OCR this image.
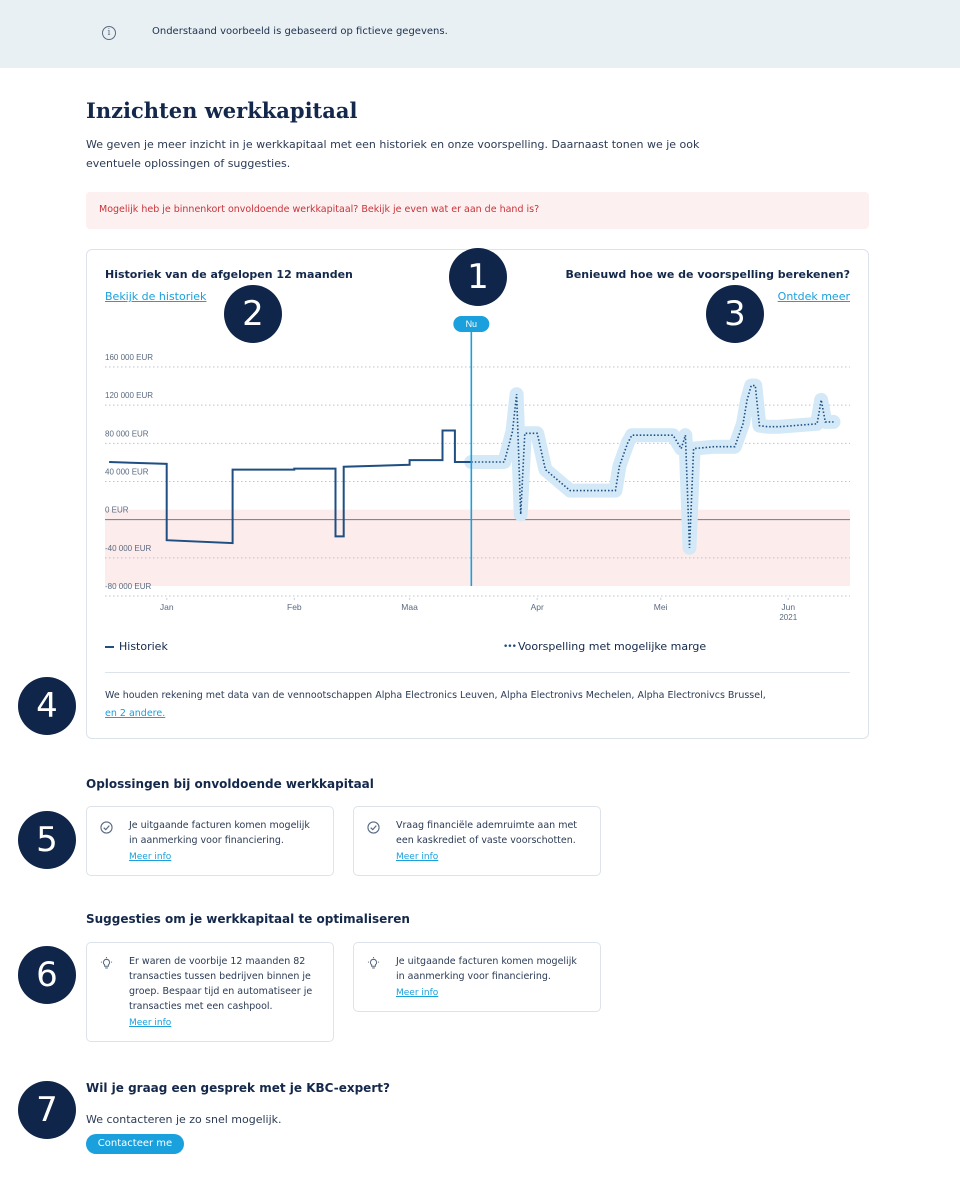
i	Onderstaand voorbeeld is gebaseerd op fictieve gegevens.
Inzichten werkkapitaal

We geven je meer inzicht in je werkkapitaal met een historiek en onze voorspelling. Daarnaast tonen we je ook eventuele oplossingen of suggesties.

Mogelijk heb je binnenkort onvoldoende werkkapitaal? Bekijk je even wat er aan de hand is?
Historiek van de afgelopen 12 maanden	Benieuwd hoe we de voorspelling berekenen?
Bekijk de historiek	Ontdek meer
160 000 EUR
120 000 EUR
80 000 EUR
40 000 EUR
0 EUR
-40 000 EUR
-80 000 EUR
Jan	Feb	Maa	Apr	Mei	Jun
2021
Nu
Historiek	••• Voorspelling met mogelijke marge
We houden rekening met data van de vennootschappen Alpha Electronics Leuven, Alpha Electronivs Mechelen, Alpha Electronivcs Brussel,
en 2 andere.
1
2	3
4
5
6
7
Oplossingen bij onvoldoende werkkapitaal
Je uitgaande facturen komen mogelijk in aanmerking voor financiering.
Meer info
Vraag financiële ademruimte aan met een kaskrediet of vaste voorschotten.
Meer info
Suggesties om je werkkapitaal te optimaliseren
Er waren de voorbije 12 maanden 82 transacties tussen bedrijven binnen je groep. Bespaar tijd en automatiseer je transacties met een cashpool.
Meer info
Je uitgaande facturen komen mogelijk in aanmerking voor financiering.
Meer info
Wil je graag een gesprek met je KBC-expert?
We contacteren je zo snel mogelijk.
Contacteer me
